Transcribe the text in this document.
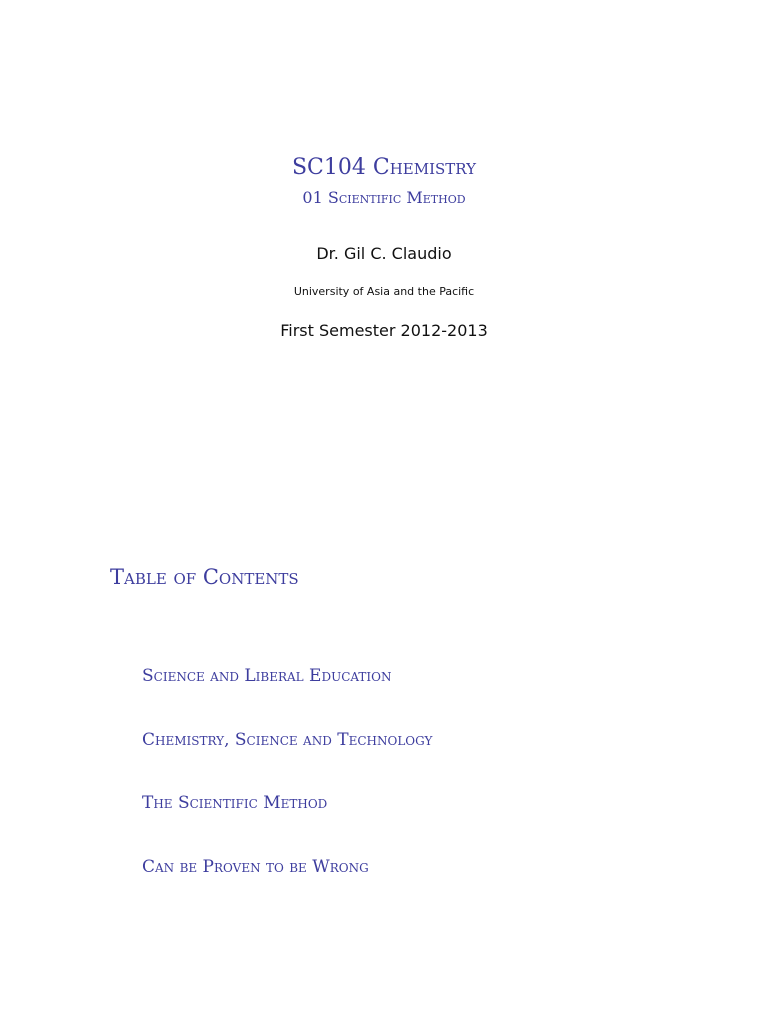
SC104 Chemistry
01 Scientific Method
Dr. Gil C. Claudio
University of Asia and the Pacific
First Semester 2012-2013
Table of Contents
Science and Liberal Education
Chemistry, Science and Technology
The Scientific Method
Can be Proven to be Wrong
